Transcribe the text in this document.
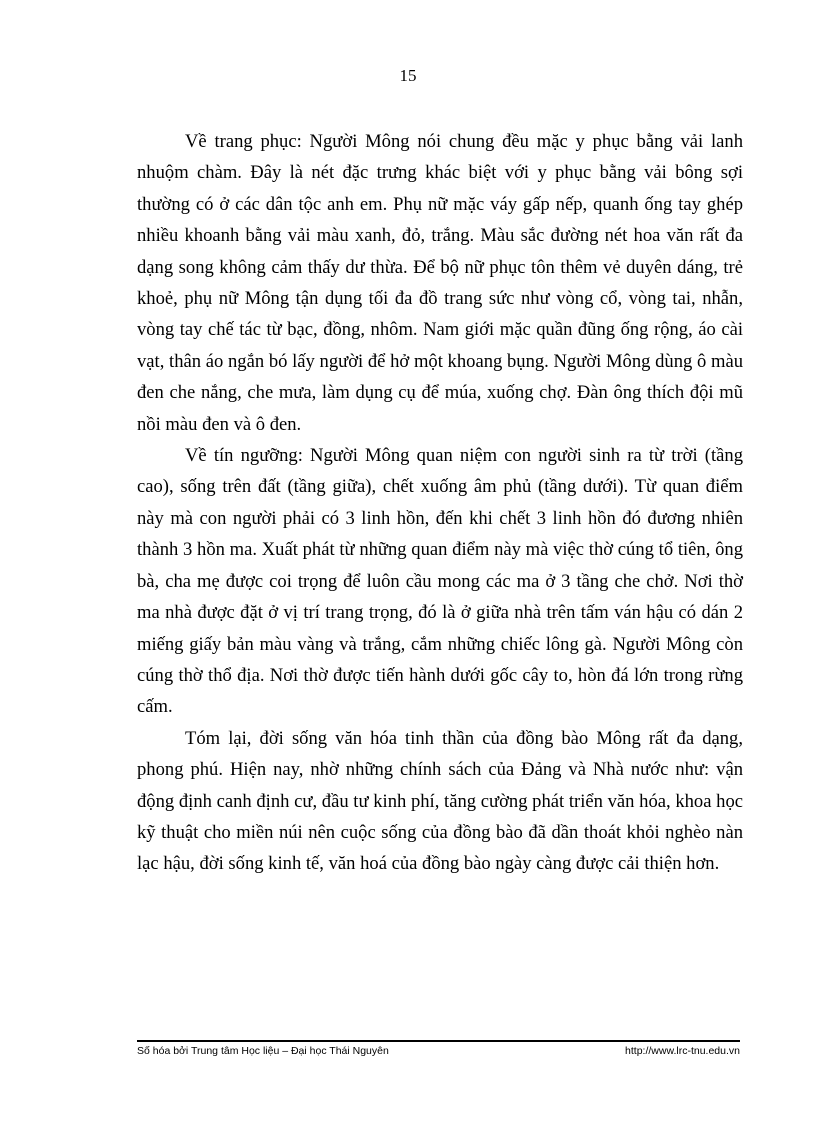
15

Về trang phục: Người Mông nói chung đều mặc y phục bằng vải lanh nhuộm chàm. Đây là nét đặc trưng khác biệt với y phục bằng vải bông sợi thường có ở các dân tộc anh em. Phụ nữ mặc váy gấp nếp, quanh ống tay ghép nhiều khoanh bằng vải màu xanh, đỏ, trắng. Màu sắc đường nét hoa văn rất đa dạng song không cảm thấy dư thừa. Để bộ nữ phục tôn thêm vẻ duyên dáng, trẻ khoẻ, phụ nữ Mông tận dụng tối đa đồ trang sức như vòng cổ, vòng tai, nhẫn, vòng tay chế tác từ bạc, đồng, nhôm. Nam giới mặc quần đũng ống rộng, áo cài vạt, thân áo ngắn bó lấy người để hở một khoang bụng. Người Mông dùng ô màu đen che nắng, che mưa, làm dụng cụ để múa, xuống chợ. Đàn ông thích đội mũ nồi màu đen và ô đen.

Về tín ngưỡng: Người Mông quan niệm con người sinh ra từ trời (tầng cao), sống trên đất (tầng giữa), chết xuống âm phủ (tầng dưới). Từ quan điểm này mà con người phải có 3 linh hồn, đến khi chết 3 linh hồn đó đương nhiên thành 3 hồn ma. Xuất phát từ những quan điểm này mà việc thờ cúng tổ tiên, ông bà, cha mẹ được coi trọng để luôn cầu mong các ma ở 3 tầng che chở. Nơi thờ ma nhà được đặt ở vị trí trang trọng, đó là ở giữa nhà trên tấm ván hậu có dán 2 miếng giấy bản màu vàng và trắng, cắm những chiếc lông gà. Người Mông còn cúng thờ thổ địa. Nơi thờ được tiến hành dưới gốc cây to, hòn đá lớn trong rừng cấm.

Tóm lại, đời sống văn hóa tinh thần của đồng bào Mông rất đa dạng, phong phú. Hiện nay, nhờ những chính sách của Đảng và Nhà nước như: vận động định canh định cư, đầu tư kinh phí, tăng cường phát triển văn hóa, khoa học kỹ thuật cho miền núi nên cuộc sống của đồng bào đã dần thoát khỏi nghèo nàn lạc hậu, đời sống kinh tế, văn hoá của đồng bào ngày càng được cải thiện hơn.

Số hóa bởi Trung tâm Học liệu – Đại học Thái Nguyên	http://www.lrc-tnu.edu.vn
